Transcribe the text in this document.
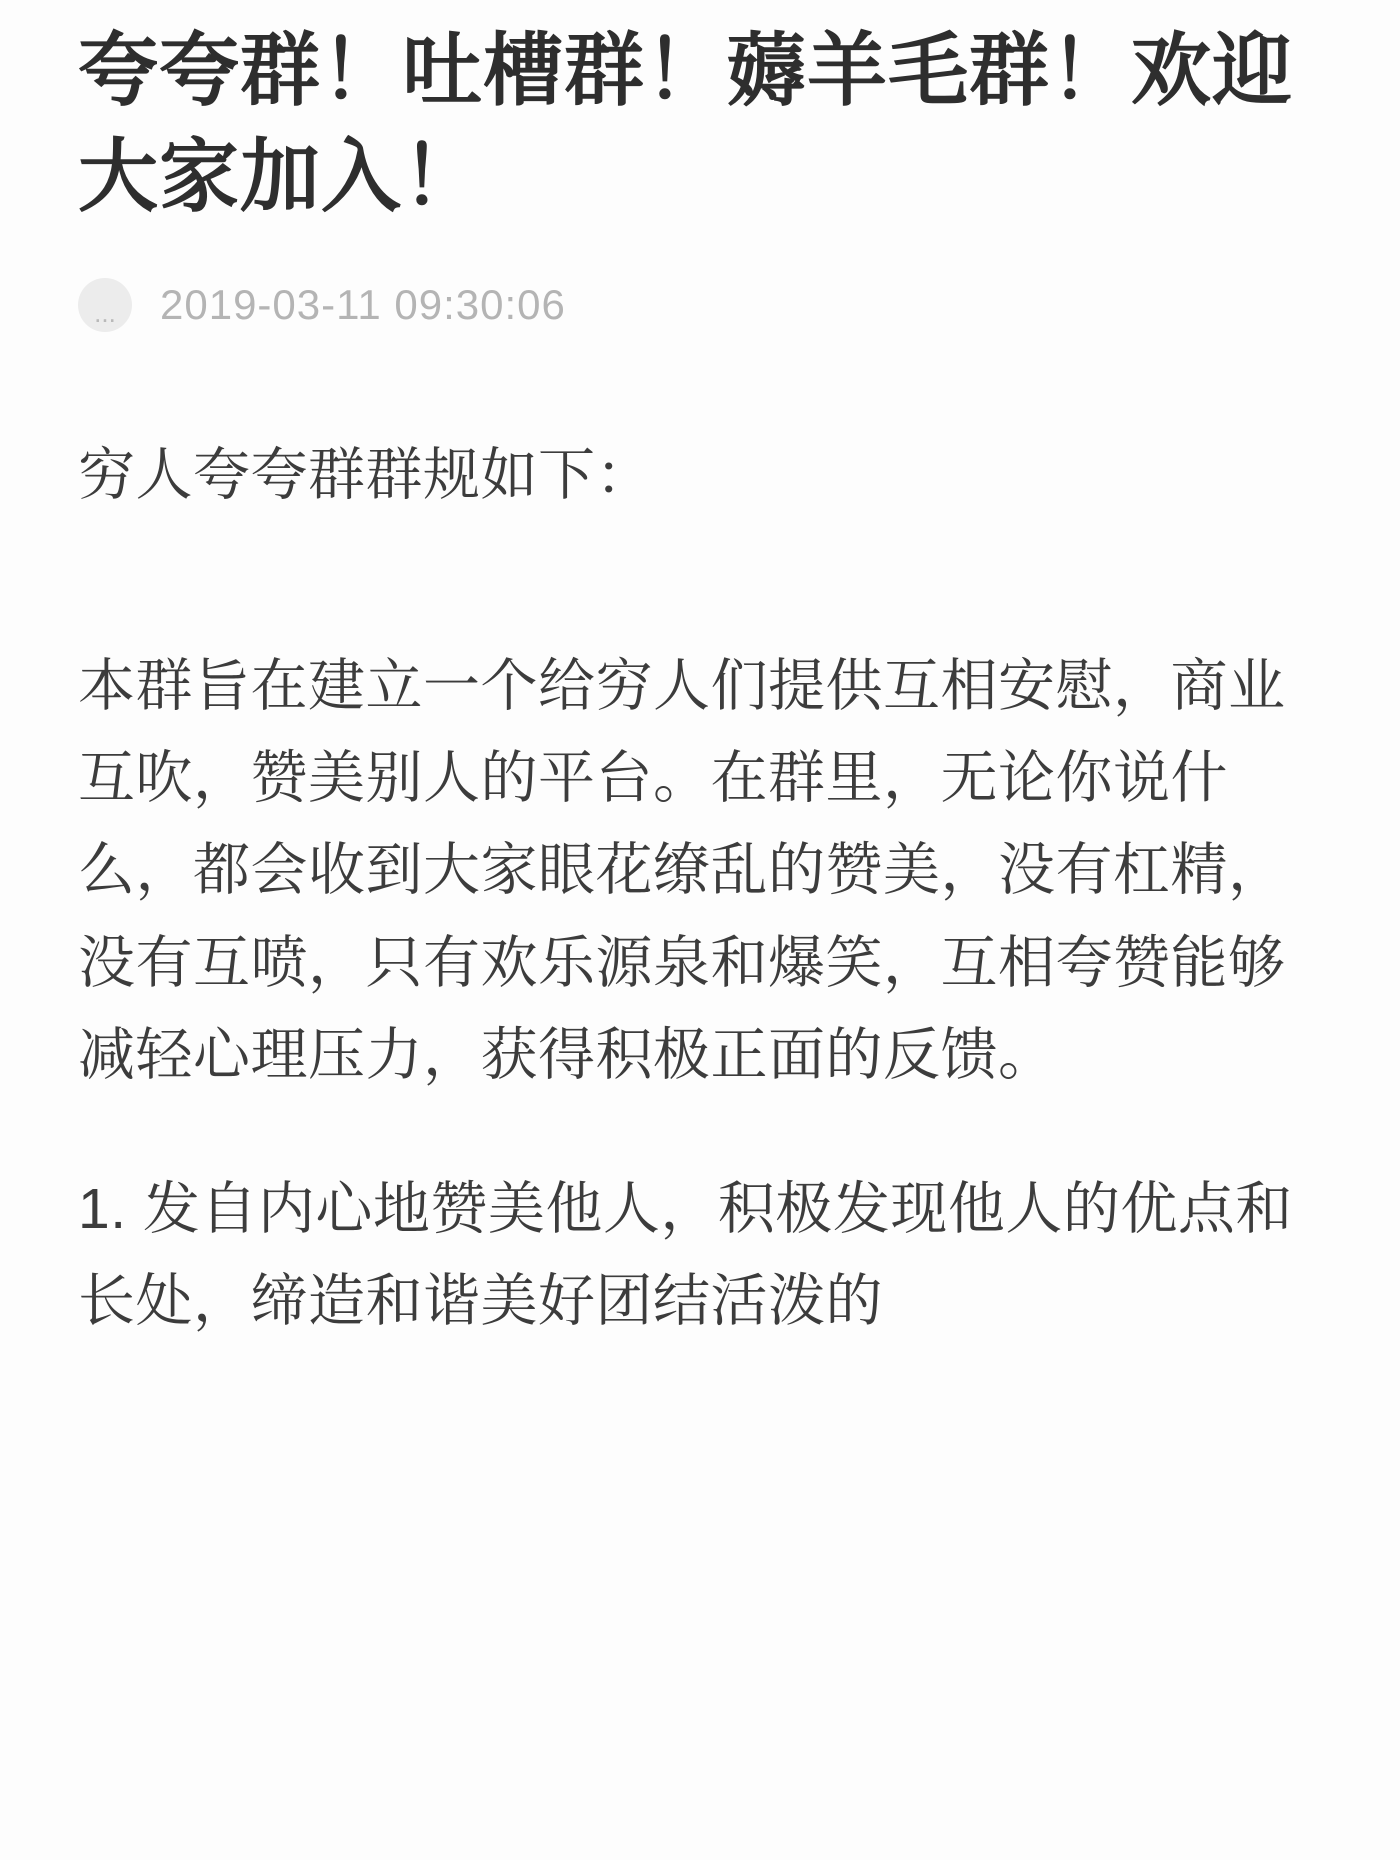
夸夸群！吐槽群！薅羊毛群！欢迎大家加入！
...	2019-03-11 09:30:06

穷人夸夸群群规如下：

本群旨在建立一个给穷人们提供互相安慰，商业互吹，赞美别人的平台。在群里，无论你说什么，都会收到大家眼花缭乱的赞美，没有杠精，没有互喷，只有欢乐源泉和爆笑，互相夸赞能够减轻心理压力，获得积极正面的反馈。

1. 发自内心地赞美他人，积极发现他人的优点和长处，缔造和谐美好团结活泼的
